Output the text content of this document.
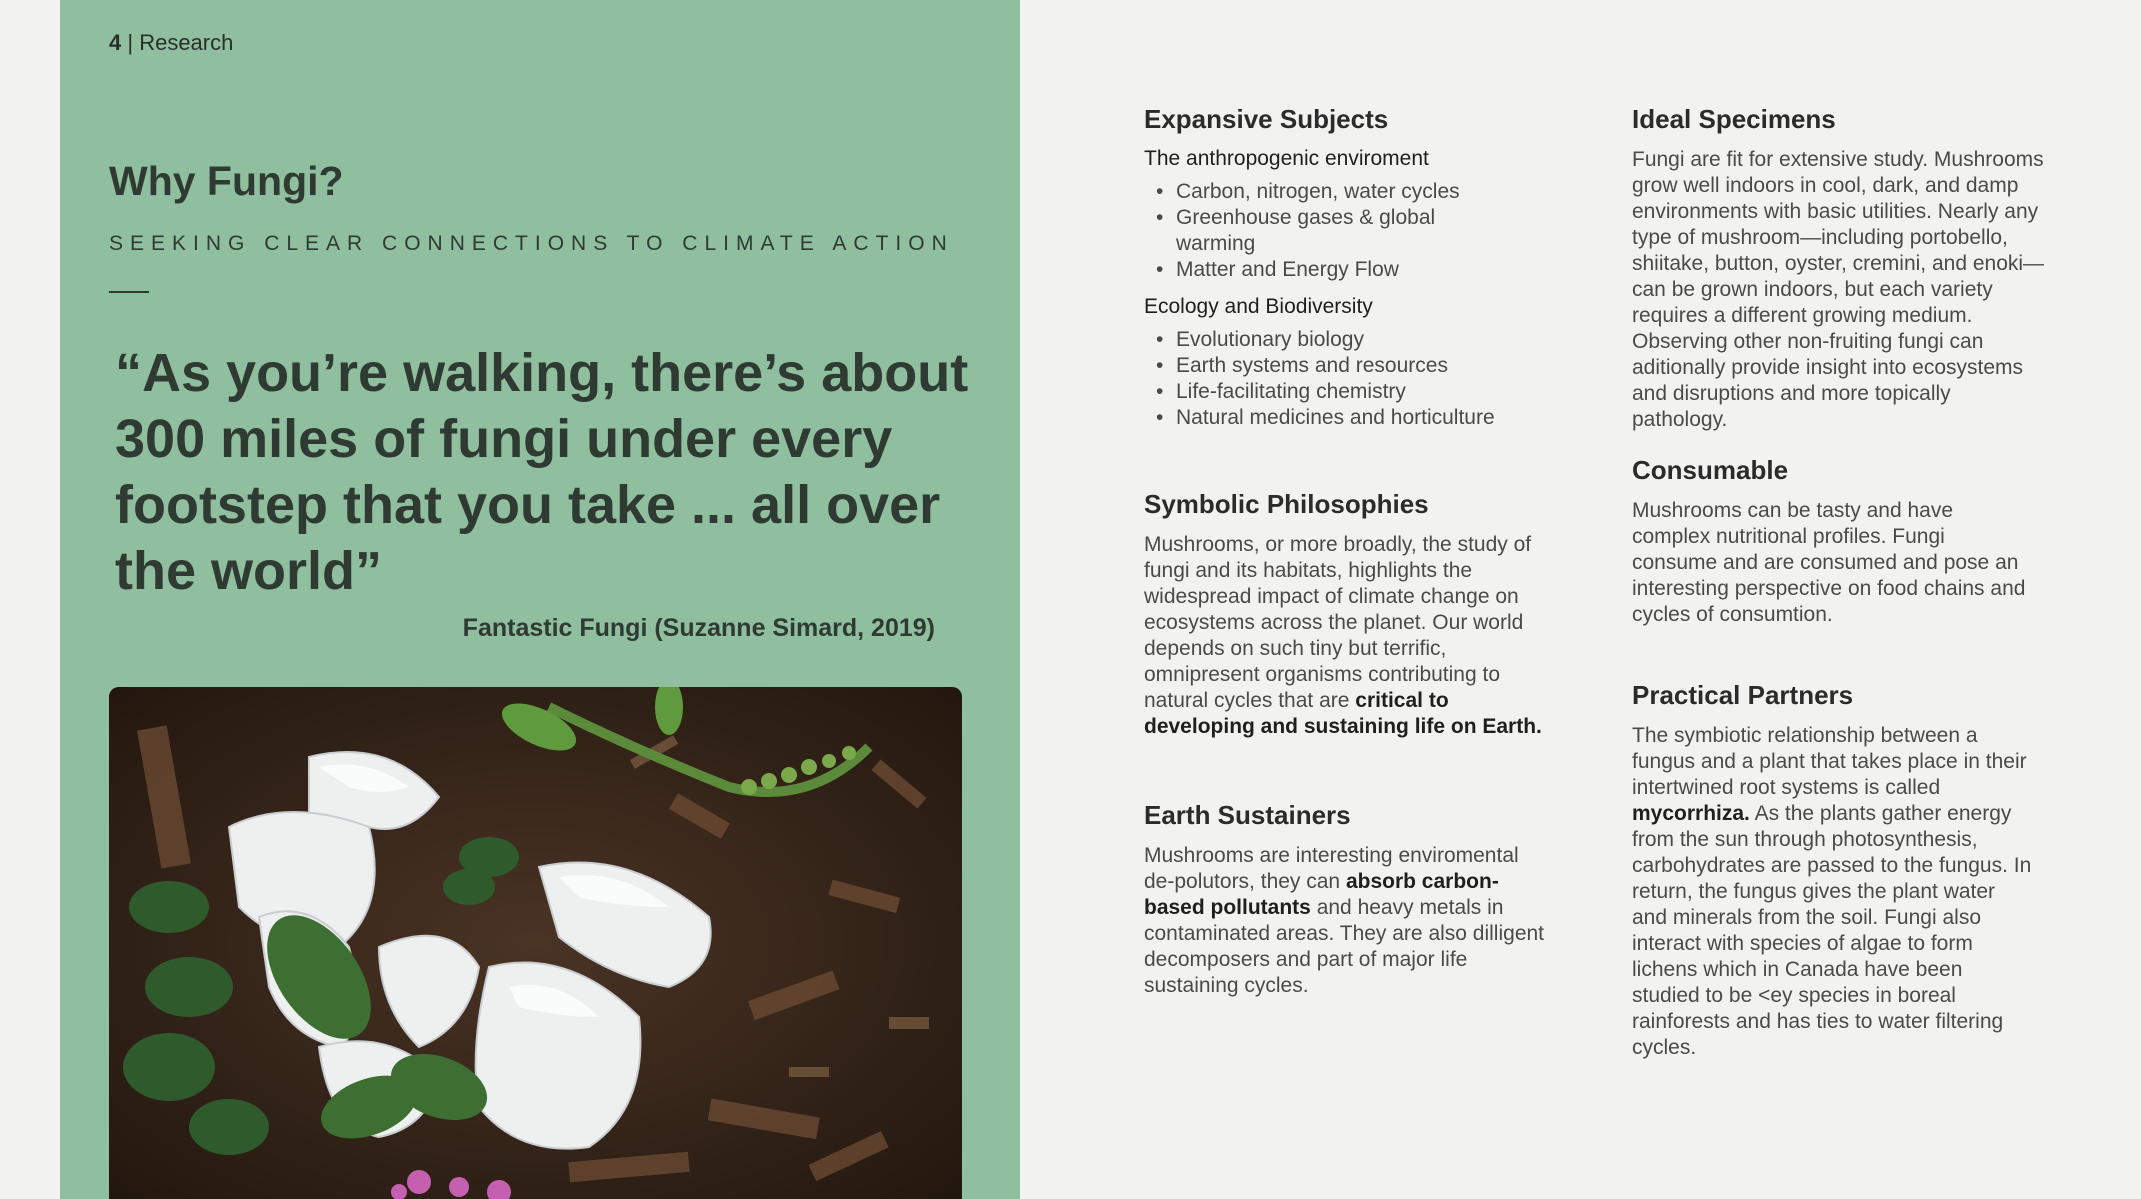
4 | Research
Why Fungi?
SEEKING CLEAR CONNECTIONS TO CLIMATE ACTION
“As you’re walking, there’s about 300 miles of fungi under every footstep that you take ... all over the world”
Fantastic Fungi (Suzanne Simard, 2019)
Expansive Subjects
The anthropogenic enviroment
• Carbon, nitrogen, water cycles
• Greenhouse gases & global warming
• Matter and Energy Flow
Ecology and Biodiversity
• Evolutionary biology
• Earth systems and resources
• Life-facilitating chemistry
• Natural medicines and horticulture
Symbolic Philosophies

Mushrooms, or more broadly, the study of fungi and its habitats, highlights the widespread impact of climate change on ecosystems across the planet. Our world depends on such tiny but terrific, omnipresent organisms contributing to natural cycles that are critical to developing and sustaining life on Earth.

Earth Sustainers

Mushrooms are interesting enviromental de-polutors, they can absorb carbon-based pollutants and heavy metals in contaminated areas. They are also dilligent decomposers and part of major life sustaining cycles.

Ideal Specimens

Fungi are fit for extensive study. Mushrooms grow well indoors in cool, dark, and damp environments with basic utilities. Nearly any type of mushroom—including portobello, shiitake, button, oyster, cremini, and enoki—can be grown indoors, but each variety requires a different growing medium. Observing other non-fruiting fungi can aditionally provide insight into ecosystems and disruptions and more topically pathology.

Consumable

Mushrooms can be tasty and have complex nutritional profiles. Fungi consume and are consumed and pose an interesting perspective on food chains and cycles of consumtion.

Practical Partners

The symbiotic relationship between a fungus and a plant that takes place in their intertwined root systems is called mycorrhiza. As the plants gather energy from the sun through photosynthesis, carbohydrates are passed to the fungus. In return, the fungus gives the plant water and minerals from the soil. Fungi also interact with species of algae to form lichens which in Canada have been studied to be <ey species in boreal rainforests and has ties to water filtering cycles.
